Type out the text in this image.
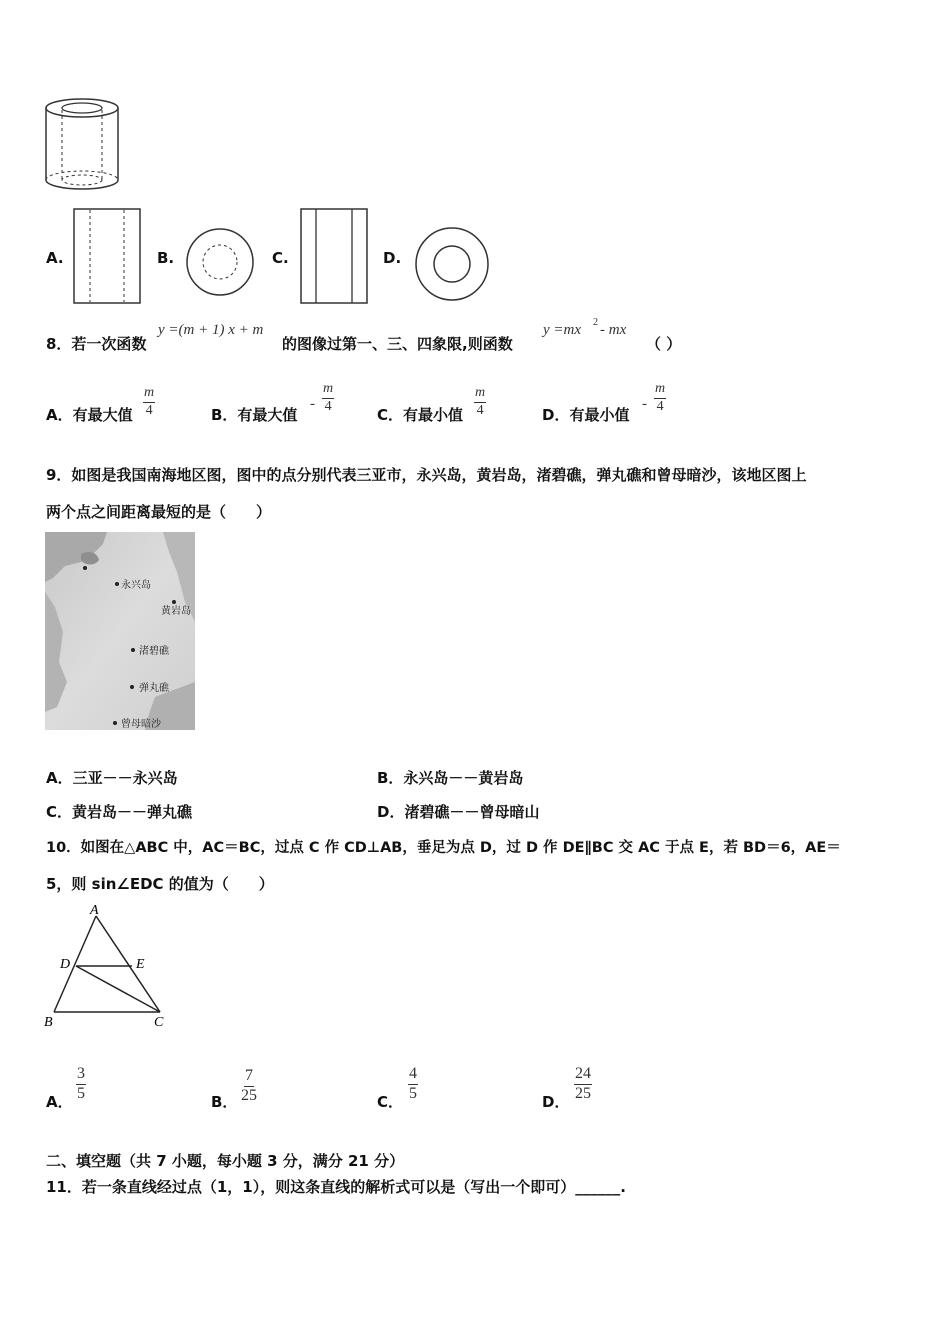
A.	B.	C.	D.
8．若一次函数
y =(m + 1) x + m
的图像过第一、三、四象限,则函数
y =mx 2 - mx
（ ）
A．有最大值 $\frac{m}{4}$	B．有最大值
- $\frac{m}{4}$
C．有最小值 $\frac{m}{4}$	D．有最小值
- $\frac{m}{4}$
9．如图是我国南海地区图，图中的点分别代表三亚市，永兴岛，黄岩岛，渚碧礁，弹丸礁和曾母暗沙，该地区图上
两个点之间距离最短的是（　　）
永兴岛
黄岩岛
渚碧礁
弹丸礁
曾母暗沙
A．三亚－－永兴岛	B．永兴岛－－黄岩岛
C．黄岩岛－－弹丸礁	D．渚碧礁－－曾母暗山
10．如图在△ABC 中，AC＝BC，过点 C 作 CD⊥AB，垂足为点 D，过 D 作 DE∥BC 交 AC 于点 E，若 BD＝6，AE＝
5，则 sin∠EDC 的值为（　　）
A
D	E
B	C
A． $\frac{3}{5}$	B． $\frac{7}{25}$	C． $\frac{4}{5}$	D． $\frac{24}{25}$
二、填空题（共 7 小题，每小题 3 分，满分 21 分）
11．若一条直线经过点（1，1），则这条直线的解析式可以是（写出一个即可）______.
